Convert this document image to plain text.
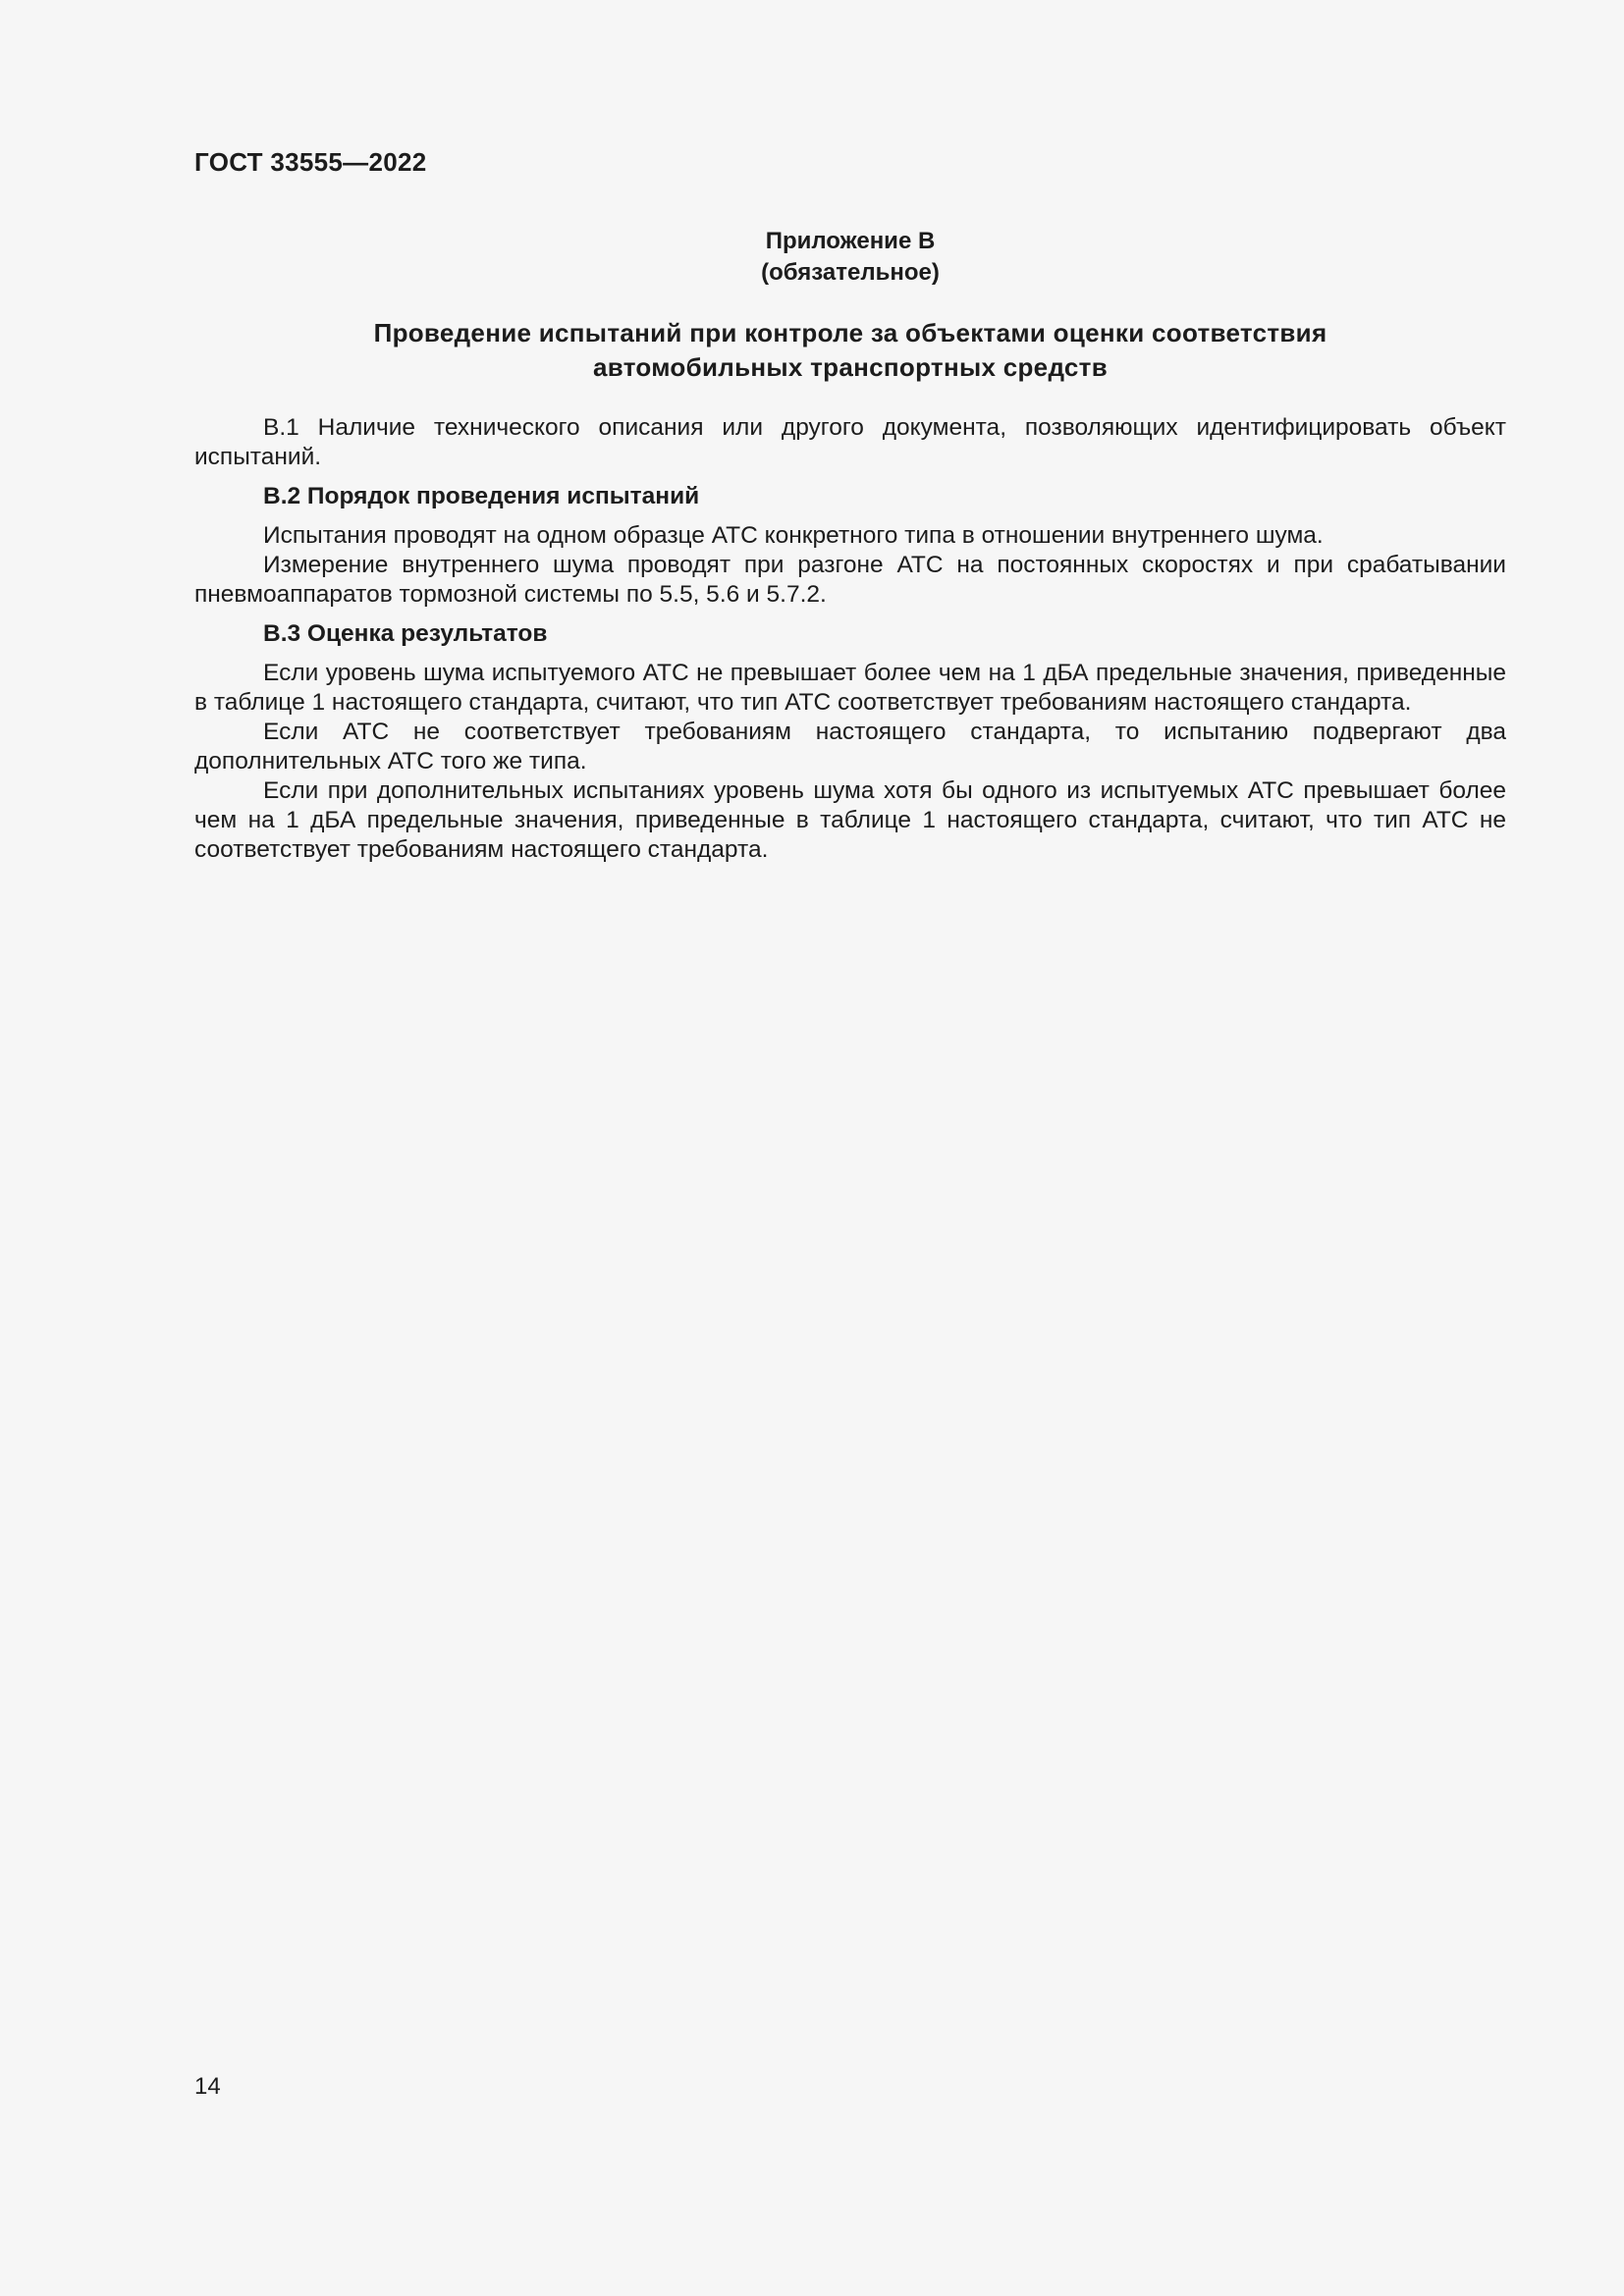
ГОСТ 33555—2022
Приложение В
(обязательное)
Проведение испытаний при контроле за объектами оценки соответствия
автомобильных транспортных средств

В.1 Наличие технического описания или другого документа, позволяющих идентифицировать объект испытаний.

В.2 Порядок проведения испытаний

Испытания проводят на одном образце АТС конкретного типа в отношении внутреннего шума.

Измерение внутреннего шума проводят при разгоне АТС на постоянных скоростях и при срабатывании пневмоаппаратов тормозной системы по 5.5, 5.6 и 5.7.2.

В.3 Оценка результатов

Если уровень шума испытуемого АТС не превышает более чем на 1 дБА предельные значения, приведенные в таблице 1 настоящего стандарта, считают, что тип АТС соответствует требованиям настоящего стандарта.

Если АТС не соответствует требованиям настоящего стандарта, то испытанию подвергают два дополнительных АТС того же типа.

Если при дополнительных испытаниях уровень шума хотя бы одного из испытуемых АТС превышает более чем на 1 дБА предельные значения, приведенные в таблице 1 настоящего стандарта, считают, что тип АТС не соответствует требованиям настоящего стандарта.

14
